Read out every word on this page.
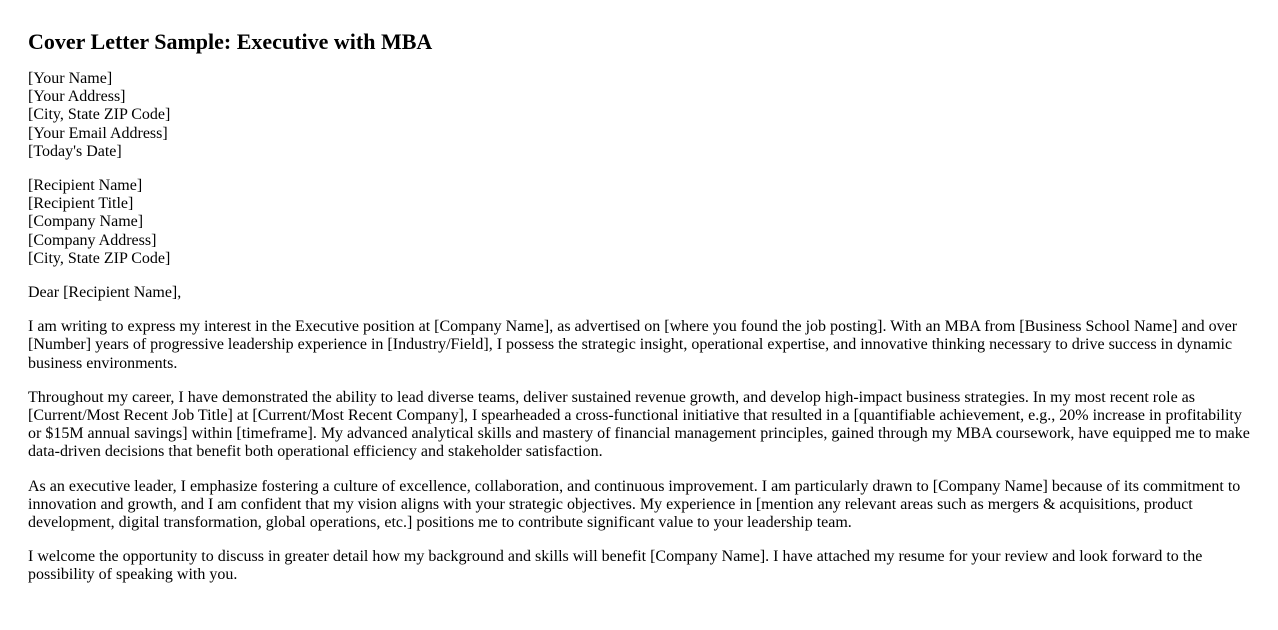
Cover Letter Sample: Executive with MBA
[Your Name]
[Your Address]
[City, State ZIP Code]
[Your Email Address]
[Today's Date]
[Recipient Name]
[Recipient Title]
[Company Name]
[Company Address]
[City, State ZIP Code]

Dear [Recipient Name],

I am writing to express my interest in the Executive position at [Company Name], as advertised on [where you found the job posting]. With an MBA from [Business School Name] and over [Number] years of progressive leadership experience in [Industry/Field], I possess the strategic insight, operational expertise, and innovative thinking necessary to drive success in dynamic business environments.

Throughout my career, I have demonstrated the ability to lead diverse teams, deliver sustained revenue growth, and develop high-impact business strategies. In my most recent role as [Current/Most Recent Job Title] at [Current/Most Recent Company], I spearheaded a cross-functional initiative that resulted in a [quantifiable achievement, e.g., 20% increase in profitability or $15M annual savings] within [timeframe]. My advanced analytical skills and mastery of financial management principles, gained through my MBA coursework, have equipped me to make data-driven decisions that benefit both operational efficiency and stakeholder satisfaction.

As an executive leader, I emphasize fostering a culture of excellence, collaboration, and continuous improvement. I am particularly drawn to [Company Name] because of its commitment to innovation and growth, and I am confident that my vision aligns with your strategic objectives. My experience in [mention any relevant areas such as mergers & acquisitions, product development, digital transformation, global operations, etc.] positions me to contribute significant value to your leadership team.

I welcome the opportunity to discuss in greater detail how my background and skills will benefit [Company Name]. I have attached my resume for your review and look forward to the possibility of speaking with you.
